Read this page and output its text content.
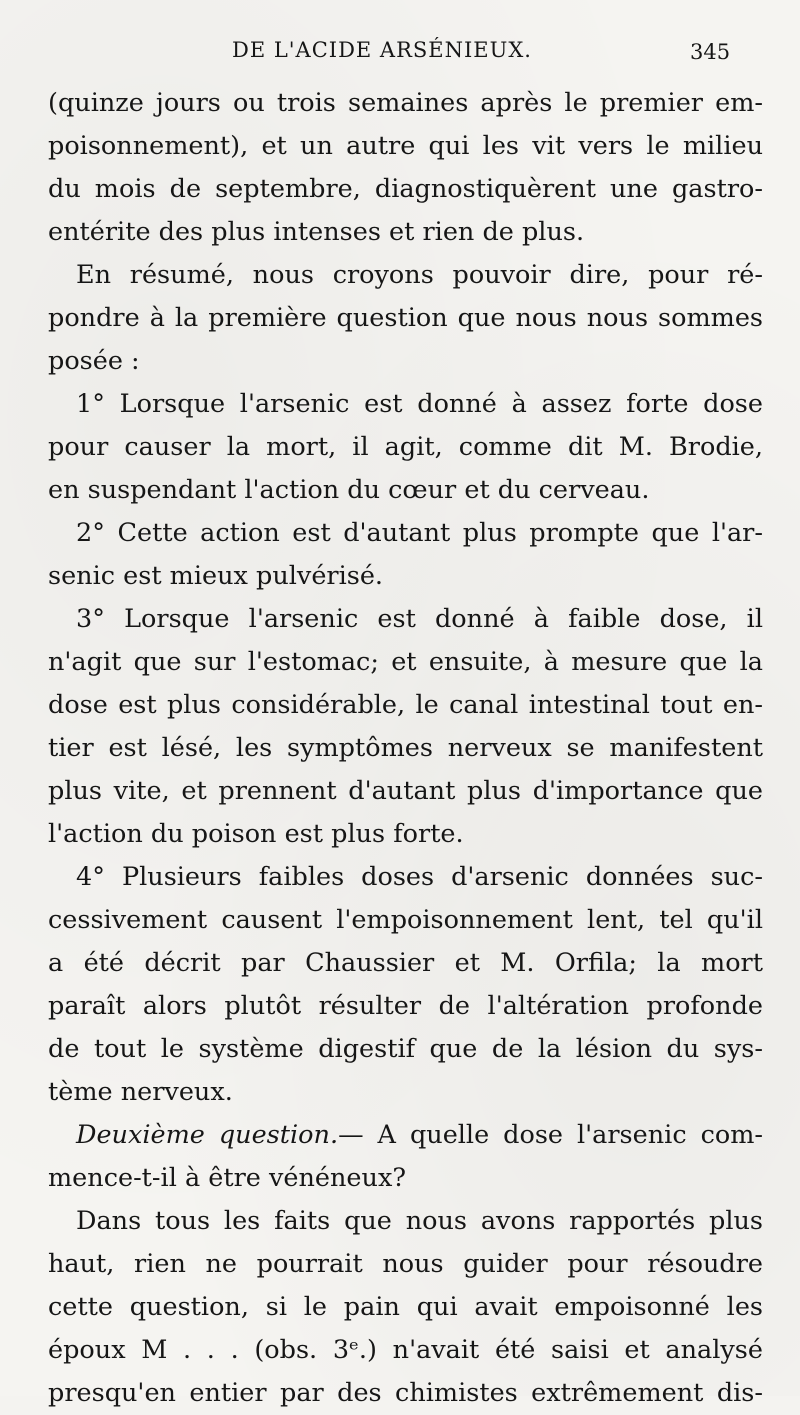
DE L'ACIDE ARSÉNIEUX.	345
(quinze jours ou trois semaines après le premier em-
poisonnement), et un autre qui les vit vers le milieu
du mois de septembre, diagnostiquèrent une gastro-
entérite des plus intenses et rien de plus.
En résumé, nous croyons pouvoir dire, pour ré-
pondre à la première question que nous nous sommes
posée :
1° Lorsque l'arsenic est donné à assez forte dose
pour causer la mort, il agit, comme dit M. Brodie,
en suspendant l'action du cœur et du cerveau.
2° Cette action est d'autant plus prompte que l'ar-
senic est mieux pulvérisé.
3° Lorsque l'arsenic est donné à faible dose, il
n'agit que sur l'estomac; et ensuite, à mesure que la
dose est plus considérable, le canal intestinal tout en-
tier est lésé, les symptômes nerveux se manifestent
plus vite, et prennent d'autant plus d'importance que
l'action du poison est plus forte.
4° Plusieurs faibles doses d'arsenic données suc-
cessivement causent l'empoisonnement lent, tel qu'il
a été décrit par Chaussier et M. Orfila; la mort
paraît alors plutôt résulter de l'altération profonde
de tout le système digestif que de la lésion du sys-
tème nerveux.
Deuxième question.— A quelle dose l'arsenic com-
mence-t-il à être vénéneux?
Dans tous les faits que nous avons rapportés plus
haut, rien ne pourrait nous guider pour résoudre
cette question, si le pain qui avait empoisonné les
époux M . . . (obs. 3ᵉ.) n'avait été saisi et analysé
presqu'en entier par des chimistes extrêmement dis-
